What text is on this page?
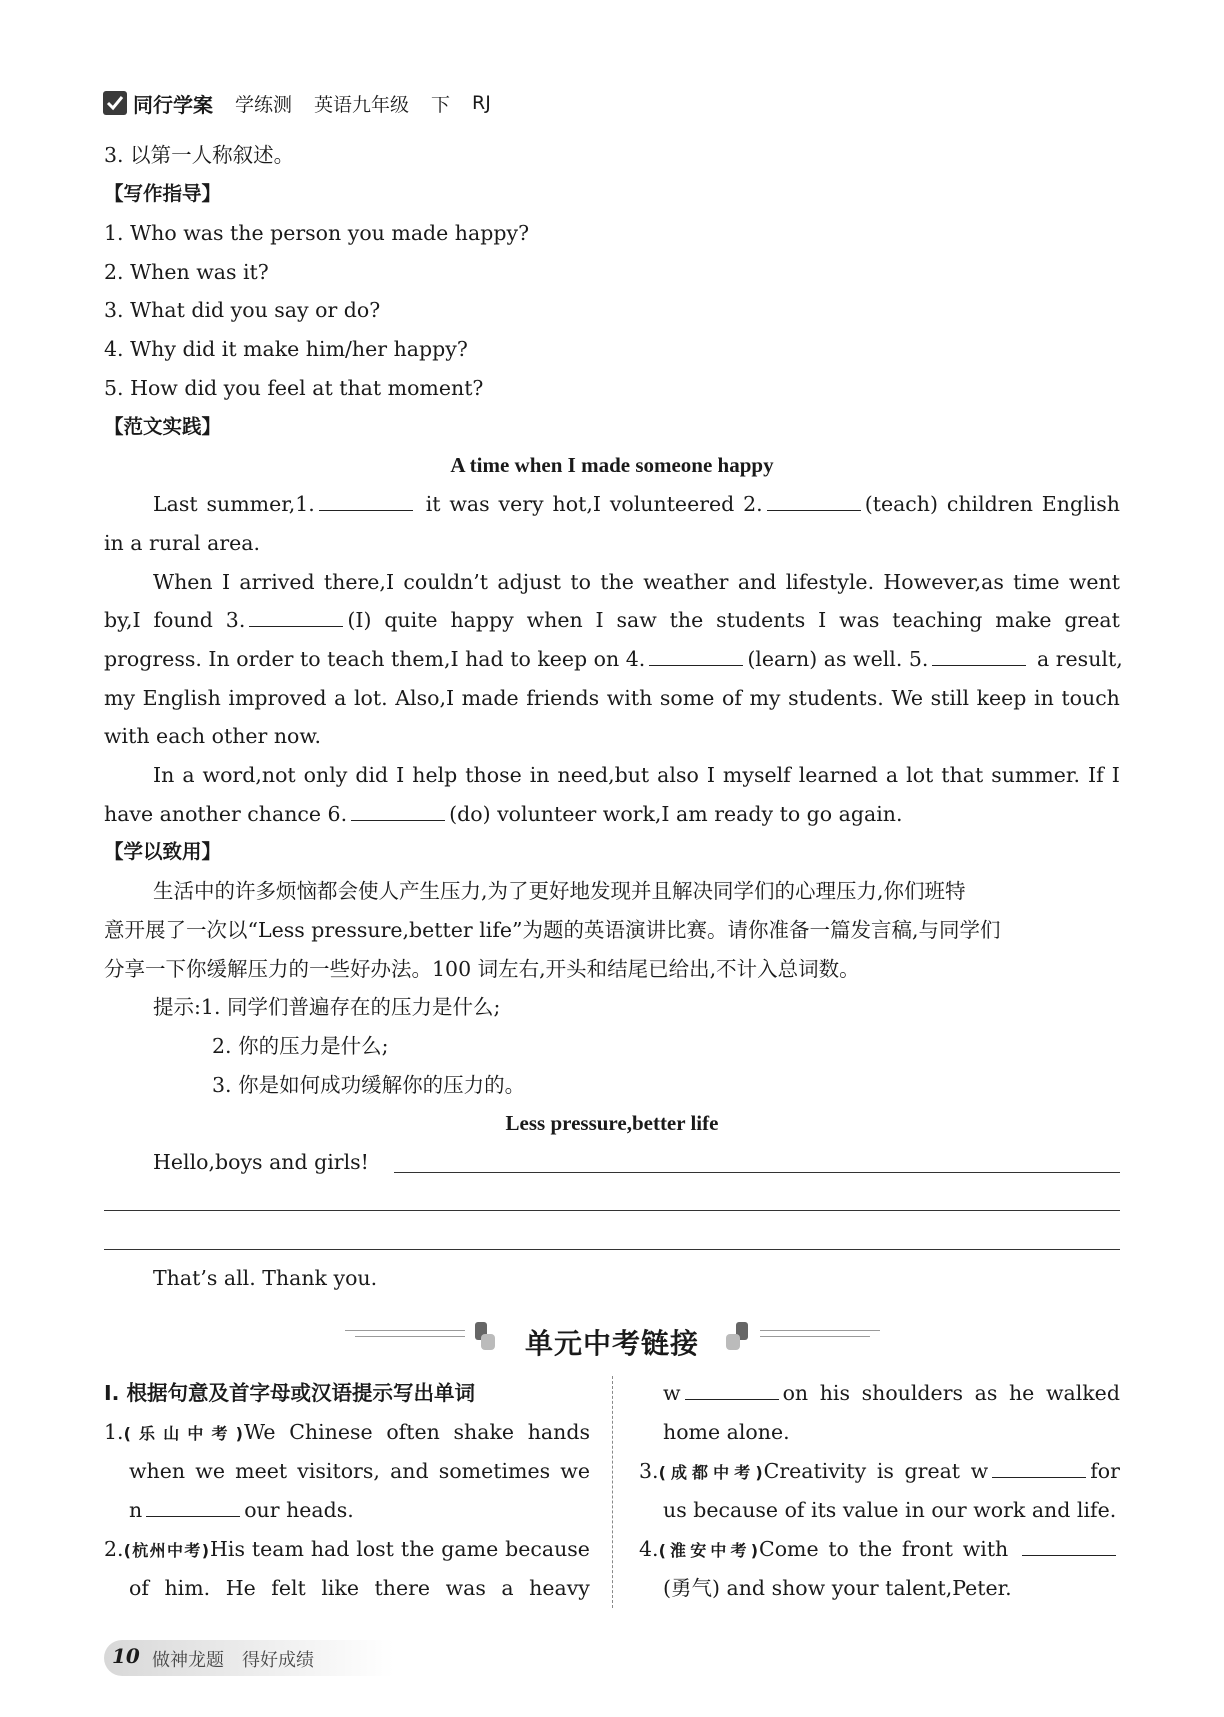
同行学案 学练测 英语九年级 下 RJ
3. 以第一人称叙述。
【写作指导】
1. Who was the person you made happy?
2. When was it?
3. What did you say or do?
4. Why did it make him/her happy?
5. How did you feel at that moment?
【范文实践】
A time when I made someone happy
Last summer,1.	it was very hot,I volunteered 2.	(teach) children English
in a rural area.
When I arrived there,I couldn’t adjust to the weather and lifestyle. However,as time went
by,I found 3.	(I) quite happy when I saw the students I was teaching make great
progress. In order to teach them,I had to keep on 4.	(learn) as well. 5.	a result,
my English improved a lot. Also,I made friends with some of my students. We still keep in touch
with each other now.
In a word,not only did I help those in need,but also I myself learned a lot that summer. If I
have another chance 6.	(do) volunteer work,I am ready to go again.
【学以致用】
生活中的许多烦恼都会使人产生压力,为了更好地发现并且解决同学们的心理压力,你们班特
意开展了一次以“Less pressure,better life”为题的英语演讲比赛。请你准备一篇发言稿,与同学们
分享一下你缓解压力的一些好办法。100 词左右,开头和结尾已给出,不计入总词数。
提示:1. 同学们普遍存在的压力是什么;
2. 你的压力是什么;
3. 你是如何成功缓解你的压力的。
Less pressure,better life
Hello,boys and girls!
That’s all. Thank you.
单元中考链接
Ⅰ. 根据句意及首字母或汉语提示写出单词
1.(乐山中考)We Chinese often shake hands
when we meet visitors, and sometimes we
n	our heads.
2.(杭州中考)His team had lost the game because
of him. He felt like there was a heavy
w	on his shoulders as he walked
home alone.
3.(成都中考)Creativity is great w	for
us because of its value in our work and life.
4.(淮安中考)Come to the front with
(勇气) and show your talent,Peter.
10 做神龙题　得好成绩
